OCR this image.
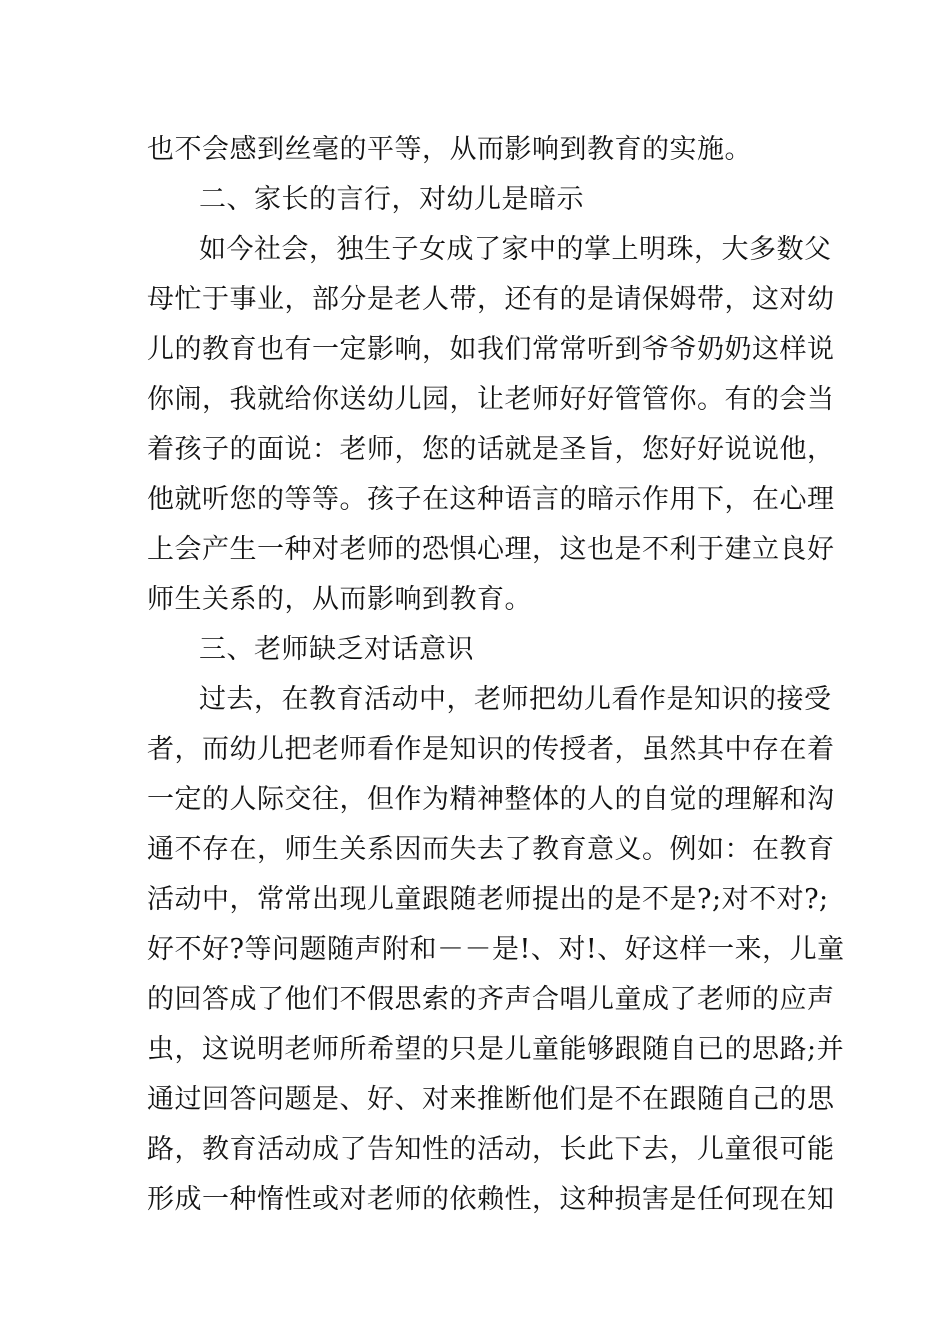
也不会感到丝毫的平等，从而影响到教育的实施。
二、家长的言行，对幼儿是暗示
如今社会，独生子女成了家中的掌上明珠，大多数父
母忙于事业，部分是老人带，还有的是请保姆带，这对幼
儿的教育也有一定影响，如我们常常听到爷爷奶奶这样说
你闹，我就给你送幼儿园，让老师好好管管你。有的会当
着孩子的面说：老师，您的话就是圣旨，您好好说说他，
他就听您的等等。孩子在这种语言的暗示作用下，在心理
上会产生一种对老师的恐惧心理，这也是不利于建立良好
师生关系的，从而影响到教育。
三、老师缺乏对话意识
过去，在教育活动中，老师把幼儿看作是知识的接受
者，而幼儿把老师看作是知识的传授者，虽然其中存在着
一定的人际交往，但作为精神整体的人的自觉的理解和沟
通不存在，师生关系因而失去了教育意义。例如：在教育
活动中，常常出现儿童跟随老师提出的是不是?;对不对?;
好不好?等问题随声附和－－是!、对!、好这样一来，儿童
的回答成了他们不假思索的齐声合唱儿童成了老师的应声
虫，这说明老师所希望的只是儿童能够跟随自已的思路;并
通过回答问题是、好、对来推断他们是不在跟随自己的思
路，教育活动成了告知性的活动，长此下去，儿童很可能
形成一种惰性或对老师的依赖性，这种损害是任何现在知
